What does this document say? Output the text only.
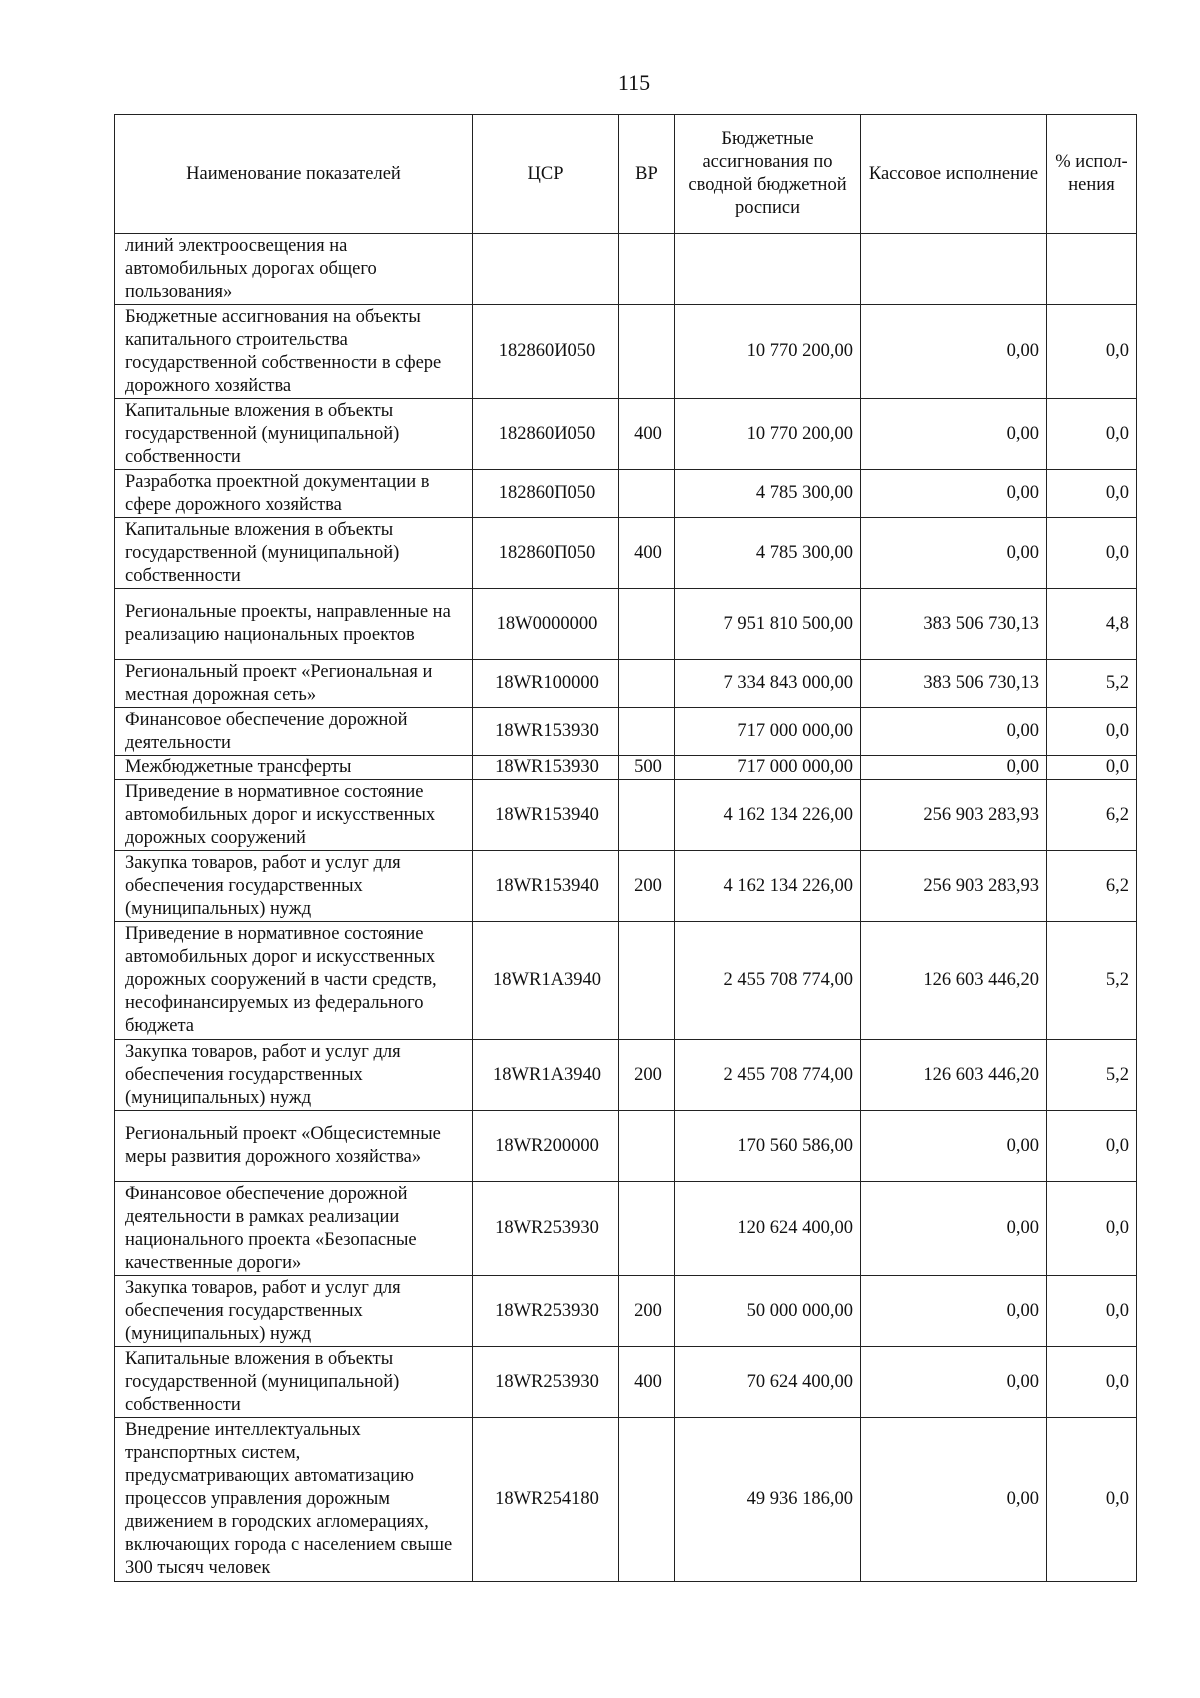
115
Наименование показателей	ЦСР	ВР	Бюджетные ассигнования по сводной бюджетной росписи	Кассовое исполнение	% испол-нения
линий электроосвещения на автомобильных дорогах общего пользования»					
Бюджетные ассигнования на объекты капитального строительства государственной собственности в сфере дорожного хозяйства	182860И050		10 770 200,00	0,00	0,0
Капитальные вложения в объекты государственной (муниципальной) собственности	182860И050	400	10 770 200,00	0,00	0,0
Разработка проектной документации в сфере дорожного хозяйства	182860П050		4 785 300,00	0,00	0,0
Капитальные вложения в объекты государственной (муниципальной) собственности	182860П050	400	4 785 300,00	0,00	0,0
Региональные проекты, направленные на реализацию национальных проектов	18W0000000		7 951 810 500,00	383 506 730,13	4,8
Региональный проект «Региональная и местная дорожная сеть»	18WR100000		7 334 843 000,00	383 506 730,13	5,2
Финансовое обеспечение дорожной деятельности	18WR153930		717 000 000,00	0,00	0,0
Межбюджетные трансферты	18WR153930	500	717 000 000,00	0,00	0,0
Приведение в нормативное состояние автомобильных дорог и искусственных дорожных сооружений	18WR153940		4 162 134 226,00	256 903 283,93	6,2
Закупка товаров, работ и услуг для обеспечения государственных (муниципальных) нужд	18WR153940	200	4 162 134 226,00	256 903 283,93	6,2
Приведение в нормативное состояние автомобильных дорог и искусственных дорожных сооружений в части средств, несофинансируемых из федерального бюджета	18WR1A3940		2 455 708 774,00	126 603 446,20	5,2
Закупка товаров, работ и услуг для обеспечения государственных (муниципальных) нужд	18WR1A3940	200	2 455 708 774,00	126 603 446,20	5,2
Региональный проект «Общесистемные меры развития дорожного хозяйства»	18WR200000		170 560 586,00	0,00	0,0
Финансовое обеспечение дорожной деятельности в рамках реализации национального проекта «Безопасные качественные дороги»	18WR253930		120 624 400,00	0,00	0,0
Закупка товаров, работ и услуг для обеспечения государственных (муниципальных) нужд	18WR253930	200	50 000 000,00	0,00	0,0
Капитальные вложения в объекты государственной (муниципальной) собственности	18WR253930	400	70 624 400,00	0,00	0,0
Внедрение интеллектуальных транспортных систем, предусматривающих автоматизацию процессов управления дорожным движением в городских агломерациях, включающих города с населением свыше 300 тысяч человек	18WR254180		49 936 186,00	0,00	0,0
